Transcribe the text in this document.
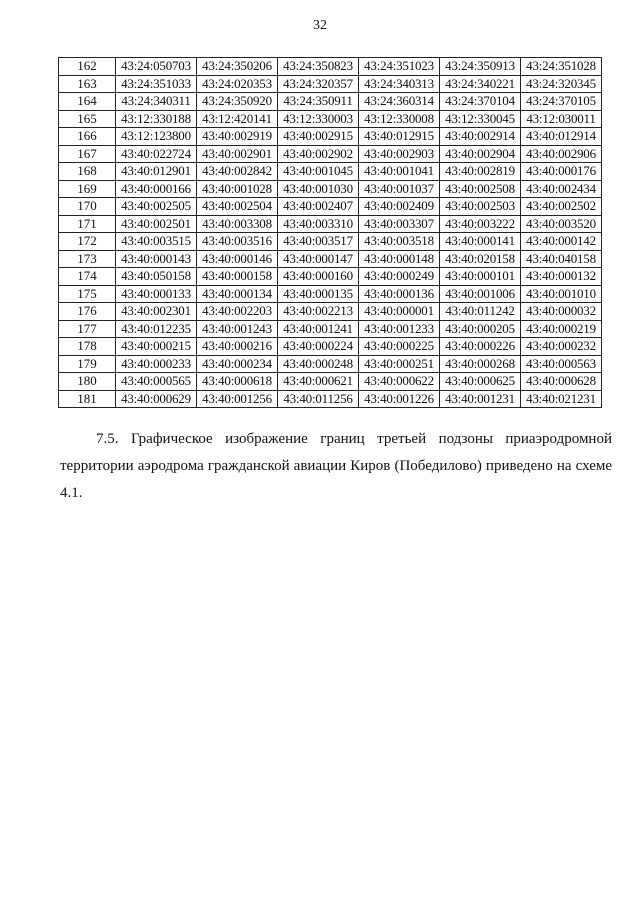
32
162	43:24:050703	43:24:350206	43:24:350823	43:24:351023	43:24:350913	43:24:351028
163	43:24:351033	43:24:020353	43:24:320357	43:24:340313	43:24:340221	43:24:320345
164	43:24:340311	43:24:350920	43:24:350911	43:24:360314	43:24:370104	43:24:370105
165	43:12:330188	43:12:420141	43:12:330003	43:12:330008	43:12:330045	43:12:030011
166	43:12:123800	43:40:002919	43:40:002915	43:40:012915	43:40:002914	43:40:012914
167	43:40:022724	43:40:002901	43:40:002902	43:40:002903	43:40:002904	43:40:002906
168	43:40:012901	43:40:002842	43:40:001045	43:40:001041	43:40:002819	43:40:000176
169	43:40:000166	43:40:001028	43:40:001030	43:40:001037	43:40:002508	43:40:002434
170	43:40:002505	43:40:002504	43:40:002407	43:40:002409	43:40:002503	43:40:002502
171	43:40:002501	43:40:003308	43:40:003310	43:40:003307	43:40:003222	43:40:003520
172	43:40:003515	43:40:003516	43:40:003517	43:40:003518	43:40:000141	43:40:000142
173	43:40:000143	43:40:000146	43:40:000147	43:40:000148	43:40:020158	43:40:040158
174	43:40:050158	43:40:000158	43:40:000160	43:40:000249	43:40:000101	43:40:000132
175	43:40:000133	43:40:000134	43:40:000135	43:40:000136	43:40:001006	43:40:001010
176	43:40:002301	43:40:002203	43:40:002213	43:40:000001	43:40:011242	43:40:000032
177	43:40:012235	43:40:001243	43:40:001241	43:40:001233	43:40:000205	43:40:000219
178	43:40:000215	43:40:000216	43:40:000224	43:40:000225	43:40:000226	43:40:000232
179	43:40:000233	43:40:000234	43:40:000248	43:40:000251	43:40:000268	43:40:000563
180	43:40:000565	43:40:000618	43:40:000621	43:40:000622	43:40:000625	43:40:000628
181	43:40:000629	43:40:001256	43:40:011256	43:40:001226	43:40:001231	43:40:021231

7.5. Графическое изображение границ третьей подзоны приаэродромной
территории аэродрома гражданской авиации Киров (Победилово) приведено на схеме 4.1.
